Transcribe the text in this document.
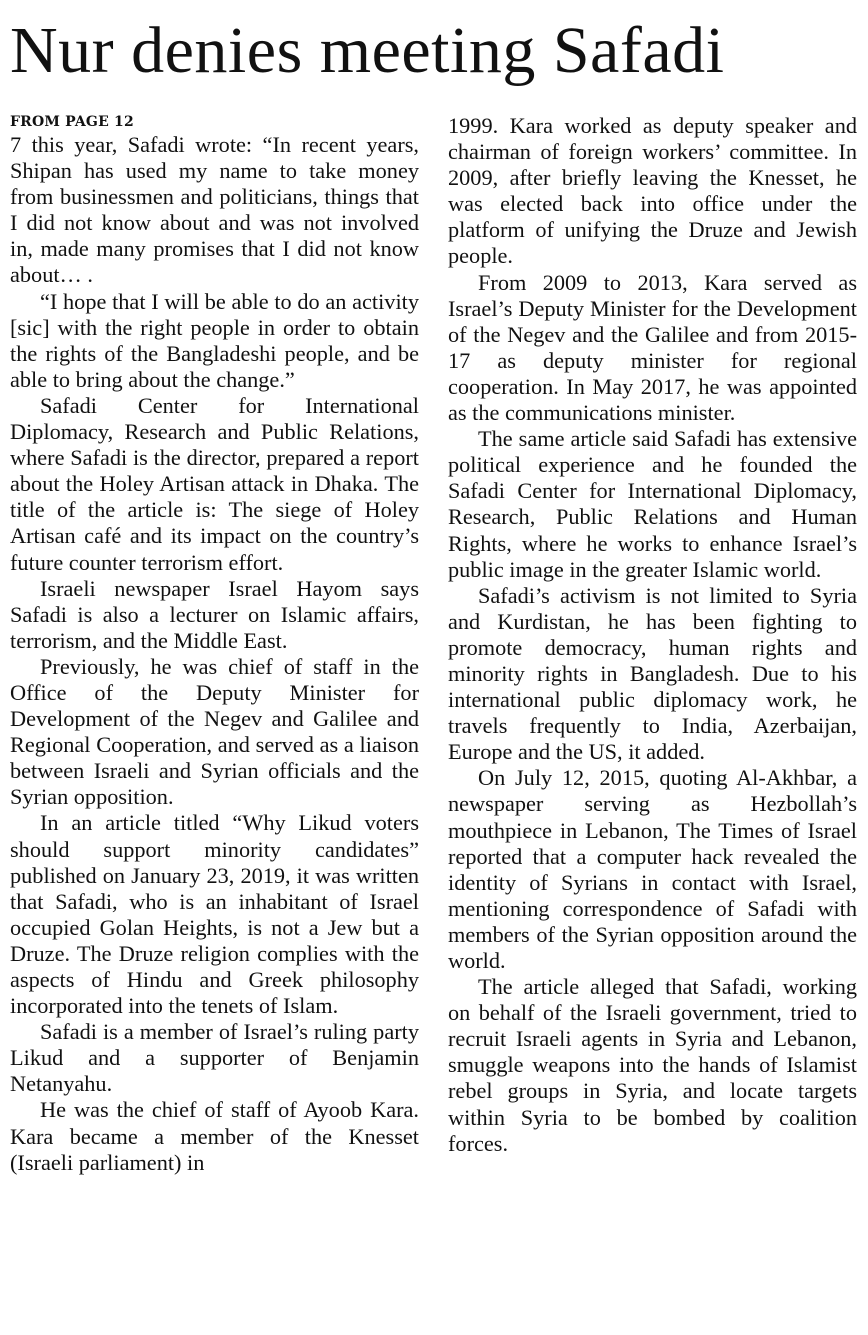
Nur denies meeting Safadi
FROM PAGE 12

7 this year, Safadi wrote: “In recent years, Shipan has used my name to take money from businessmen and politicians, things that I did not know about and was not involved in, made many promises that I did not know about… .

“I hope that I will be able to do an activity [sic] with the right people in order to obtain the rights of the Bangladeshi people, and be able to bring about the change.”

Safadi Center for International Diplomacy, Research and Public Relations, where Safadi is the director, prepared a report about the Holey Artisan attack in Dhaka. The title of the article is: The siege of Holey Artisan café and its impact on the country’s future counter terrorism effort.

Israeli newspaper Israel Hayom says Safadi is also a lecturer on Islamic affairs, terrorism, and the Middle East.

Previously, he was chief of staff in the Office of the Deputy Minister for Development of the Negev and Galilee and Regional Cooperation, and served as a liaison between Israeli and Syrian officials and the Syrian opposition.

In an article titled “Why Likud voters should support minority candidates” published on January 23, 2019, it was written that Safadi, who is an inhabitant of Israel occupied Golan Heights, is not a Jew but a Druze. The Druze religion complies with the aspects of Hindu and Greek philosophy incorporated into the tenets of Islam.

Safadi is a member of Israel’s ruling party Likud and a supporter of Benjamin Netanyahu.

He was the chief of staff of Ayoob Kara. Kara became a member of the Knesset (Israeli parliament) in

1999. Kara worked as deputy speaker and chairman of foreign workers’ committee. In 2009, after briefly leaving the Knesset, he was elected back into office under the platform of unifying the Druze and Jewish people.

From 2009 to 2013, Kara served as Israel’s Deputy Minister for the Development of the Negev and the Galilee and from 2015-17 as deputy minister for regional cooperation. In May 2017, he was appointed as the communications minister.

The same article said Safadi has extensive political experience and he founded the Safadi Center for International Diplomacy, Research, Public Relations and Human Rights, where he works to enhance Israel’s public image in the greater Islamic world.

Safadi’s activism is not limited to Syria and Kurdistan, he has been fighting to promote democracy, human rights and minority rights in Bangladesh. Due to his international public diplomacy work, he travels frequently to India, Azerbaijan, Europe and the US, it added.

On July 12, 2015, quoting Al-Akhbar, a newspaper serving as Hezbollah’s mouthpiece in Lebanon, The Times of Israel reported that a computer hack revealed the identity of Syrians in contact with Israel, mentioning correspondence of Safadi with members of the Syrian opposition around the world.

The article alleged that Safadi, working on behalf of the Israeli government, tried to recruit Israeli agents in Syria and Lebanon, smuggle weapons into the hands of Islamist rebel groups in Syria, and locate targets within Syria to be bombed by coalition forces.
